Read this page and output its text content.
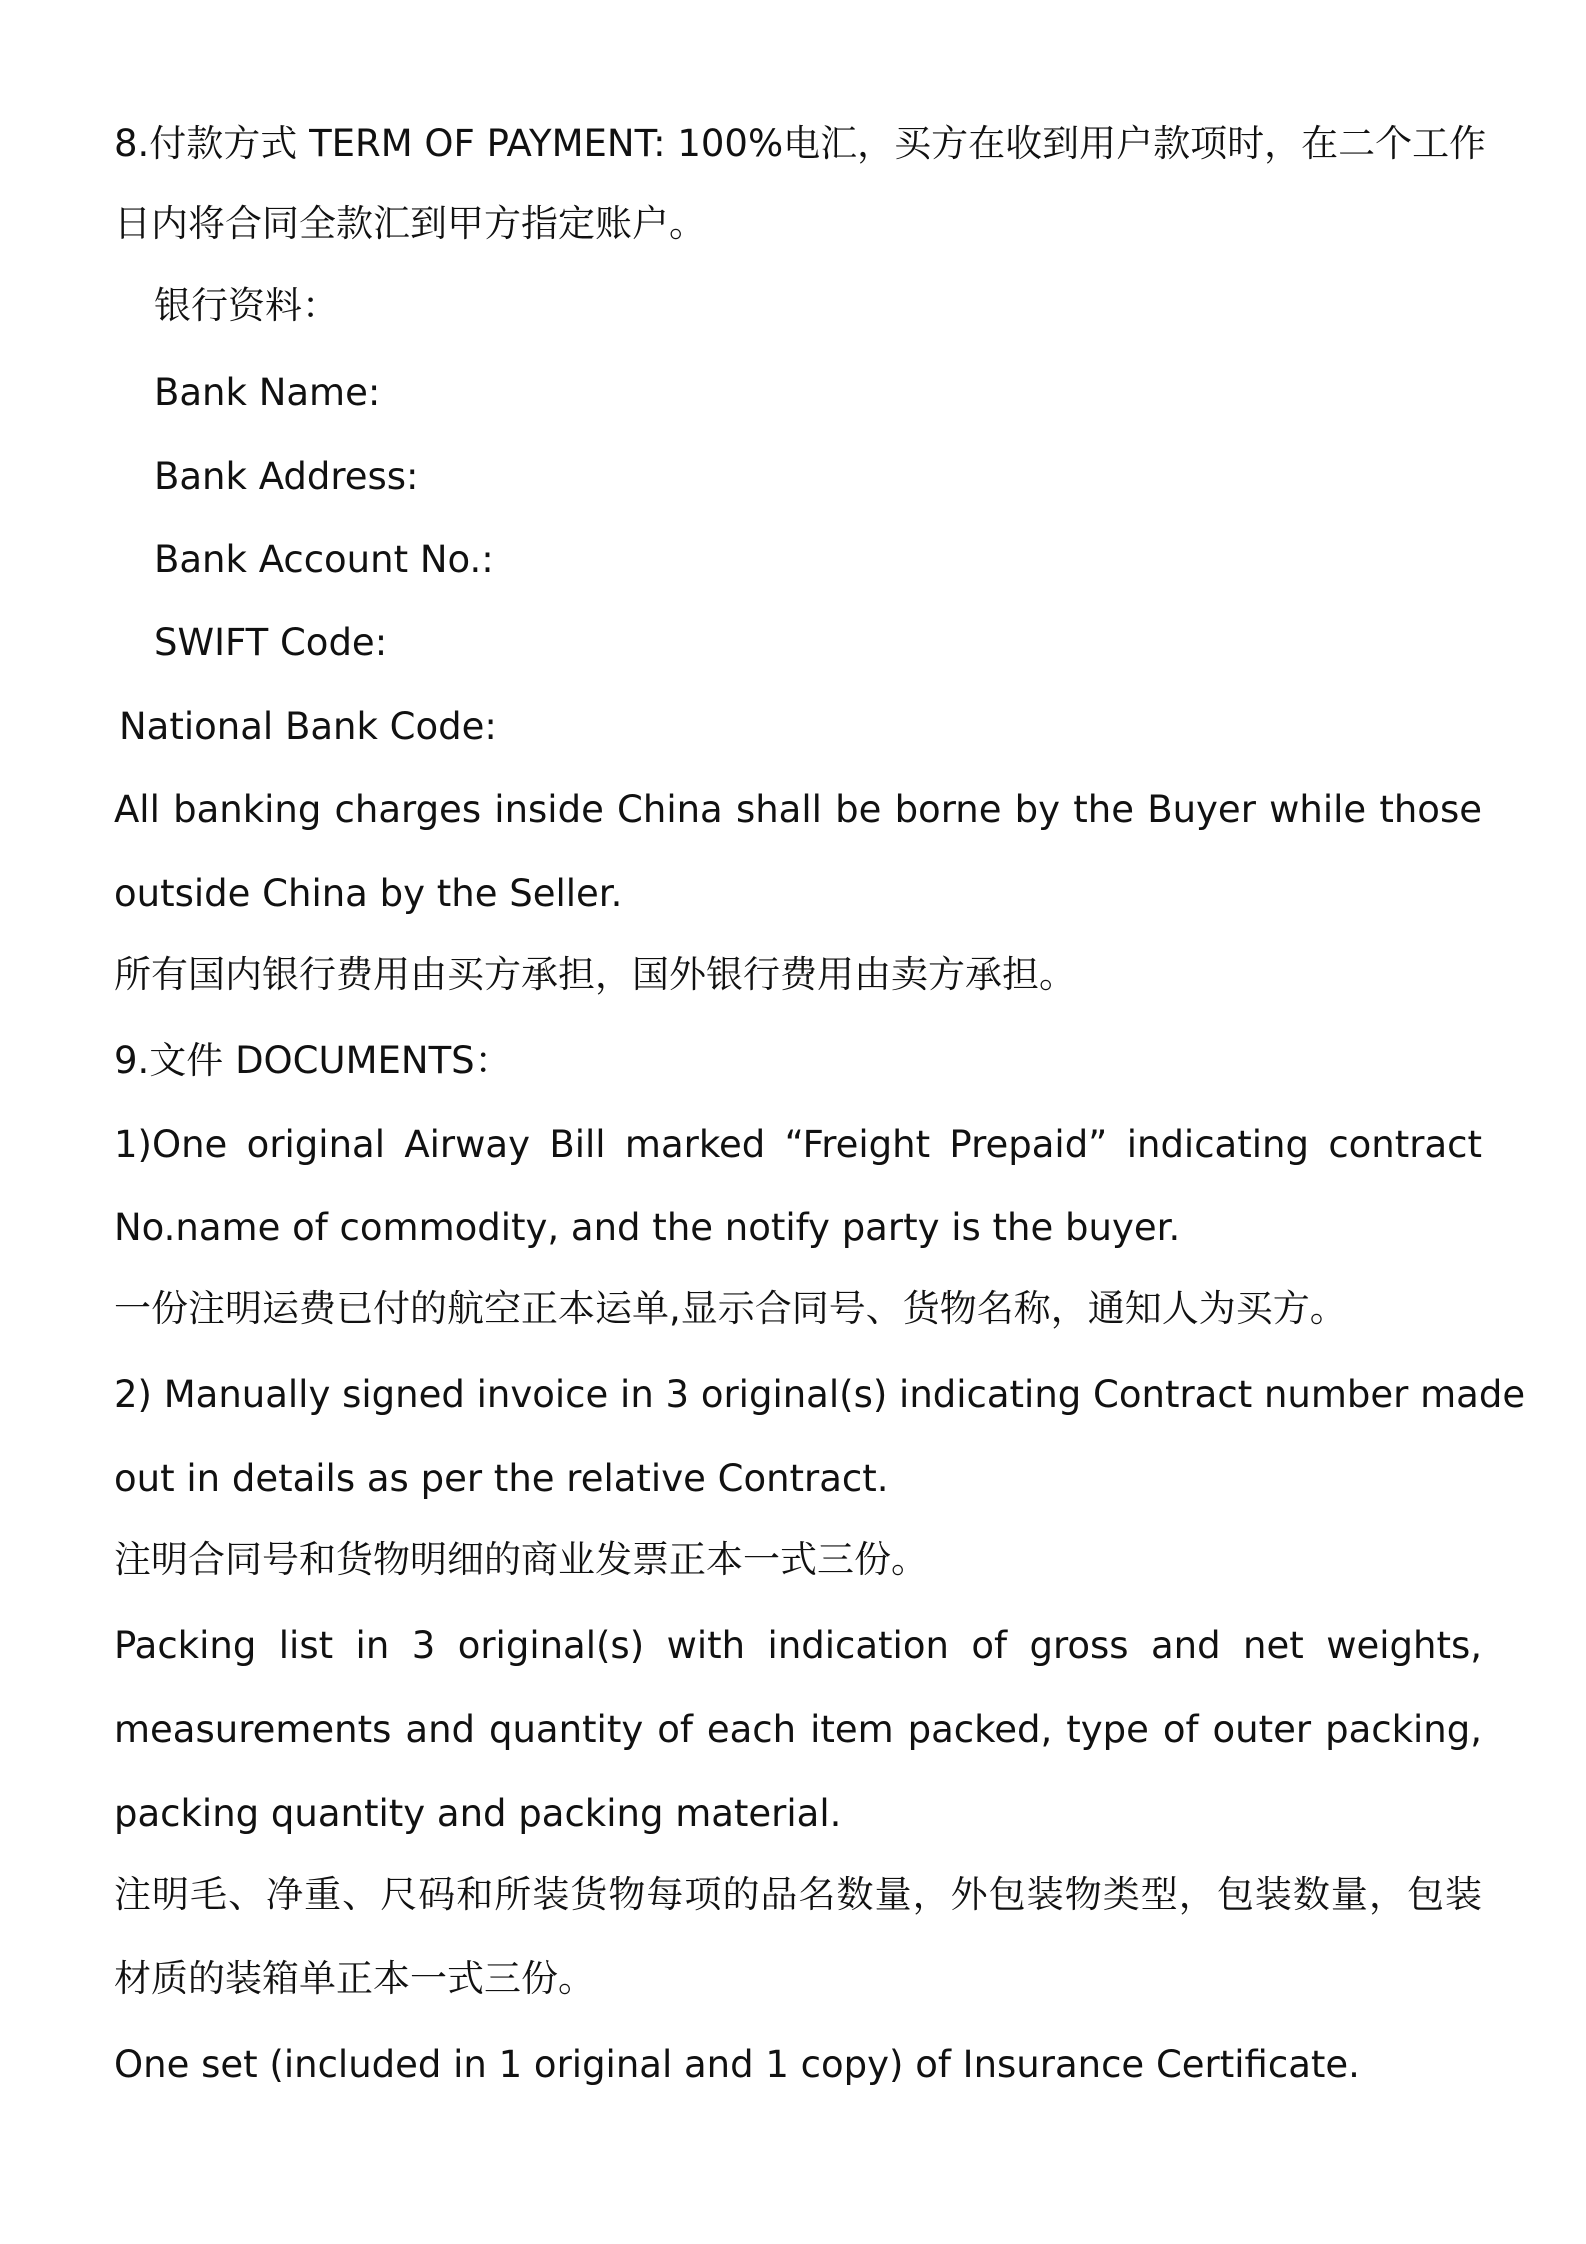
8.付款方式 TERM OF PAYMENT: 100%电汇，买方在收到用户款项时，在二个工作
日内将合同全款汇到甲方指定账户。
银行资料：
Bank Name:
Bank Address:
Bank Account No.:
SWIFT Code:
National Bank Code:
All banking charges inside China shall be borne by the Buyer while those
outside China by the Seller.
所有国内银行费用由买方承担，国外银行费用由卖方承担。
9.文件 DOCUMENTS：
1)One original Airway Bill marked “Freight Prepaid” indicating contract
No.name of commodity, and the notify party is the buyer.
一份注明运费已付的航空正本运单,显示合同号、货物名称，通知人为买方。
2) Manually signed invoice in 3 original(s) indicating Contract number made
out in details as per the relative Contract.
注明合同号和货物明细的商业发票正本一式三份。
Packing list in 3 original(s) with indication of gross and net weights,
measurements and quantity of each item packed, type of outer packing,
packing quantity and packing material.
注明毛、净重、尺码和所装货物每项的品名数量，外包装物类型，包装数量，包装
材质的装箱单正本一式三份。
One set (included in 1 original and 1 copy) of Insurance Certificate.
